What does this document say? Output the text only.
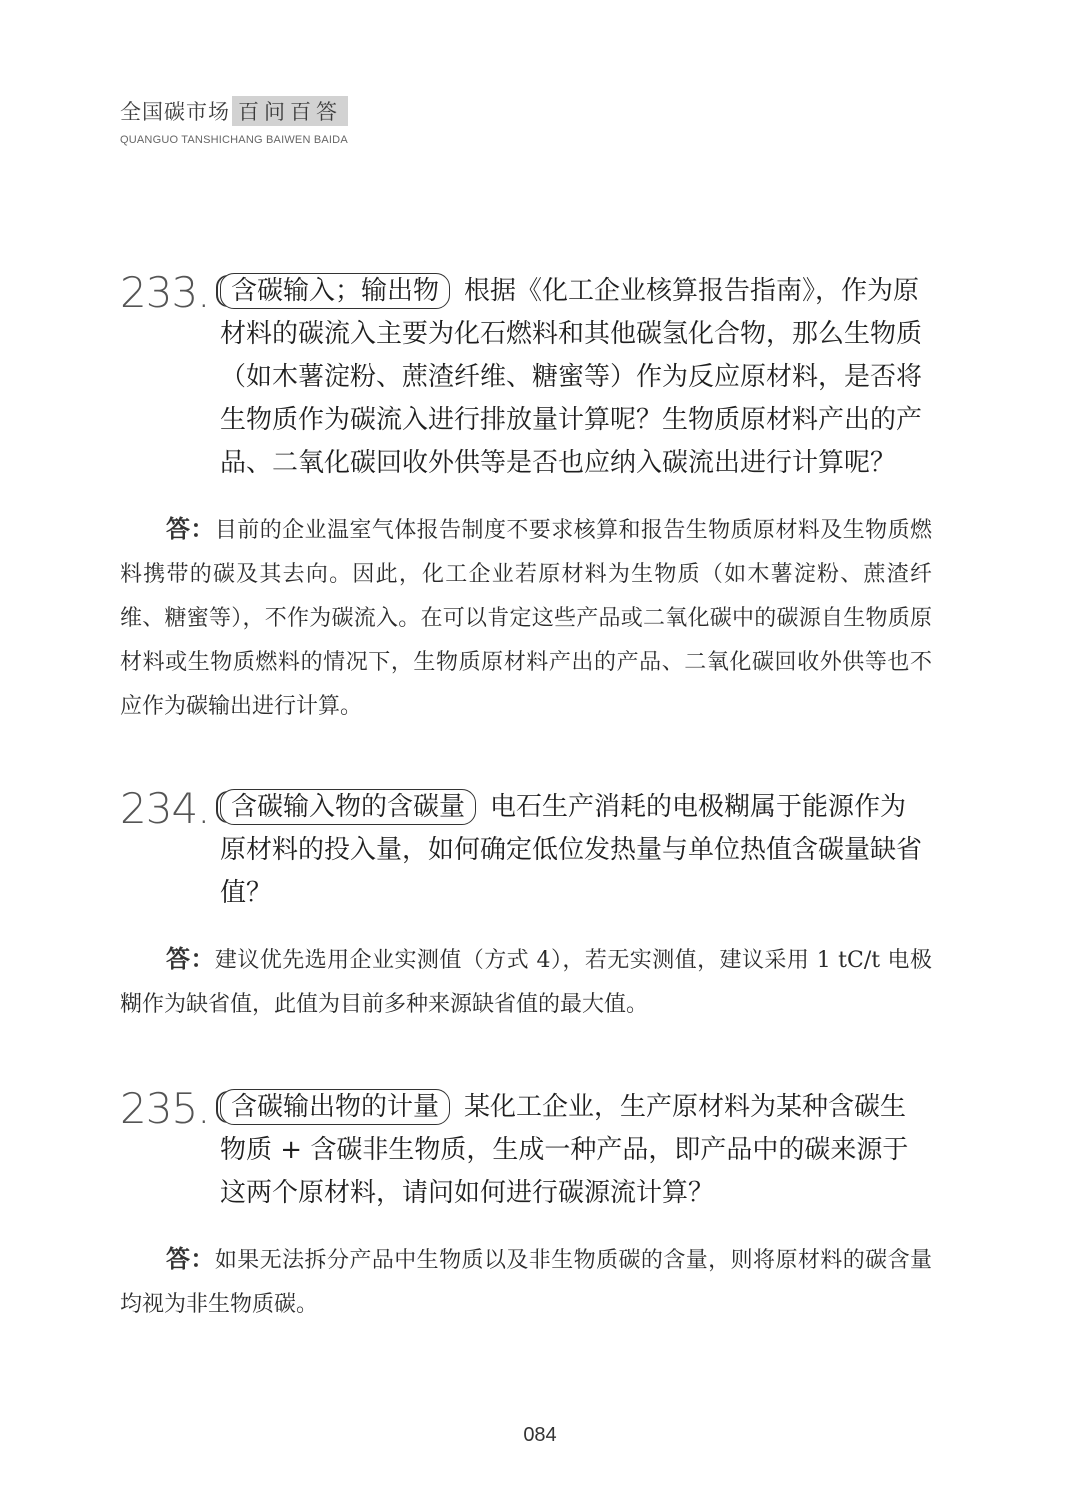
全国碳市场 百问百答
QUANGUO TANSHICHANG BAIWEN BAIDA
233. 含碳输入；输出物 根据《化工企业核算报告指南》，作为原材料的碳流入主要为化石燃料和其他碳氢化合物，那么生物质（如木薯淀粉、蔗渣纤维、糖蜜等）作为反应原材料，是否将生物质作为碳流入进行排放量计算呢？生物质原材料产出的产品、二氧化碳回收外供等是否也应纳入碳流出进行计算呢？
答：目前的企业温室气体报告制度不要求核算和报告生物质原材料及生物质燃料携带的碳及其去向。因此，化工企业若原材料为生物质（如木薯淀粉、蔗渣纤维、糖蜜等），不作为碳流入。在可以肯定这些产品或二氧化碳中的碳源自生物质原材料或生物质燃料的情况下，生物质原材料产出的产品、二氧化碳回收外供等也不应作为碳输出进行计算。
234. 含碳输入物的含碳量 电石生产消耗的电极糊属于能源作为原材料的投入量，如何确定低位发热量与单位热值含碳量缺省值？
答：建议优先选用企业实测值（方式 4），若无实测值，建议采用 1 tC/t 电极糊作为缺省值，此值为目前多种来源缺省值的最大值。
235. 含碳输出物的计量 某化工企业，生产原材料为某种含碳生物质 + 含碳非生物质，生成一种产品，即产品中的碳来源于这两个原材料，请问如何进行碳源流计算？
答：如果无法拆分产品中生物质以及非生物质碳的含量，则将原材料的碳含量均视为非生物质碳。
084
